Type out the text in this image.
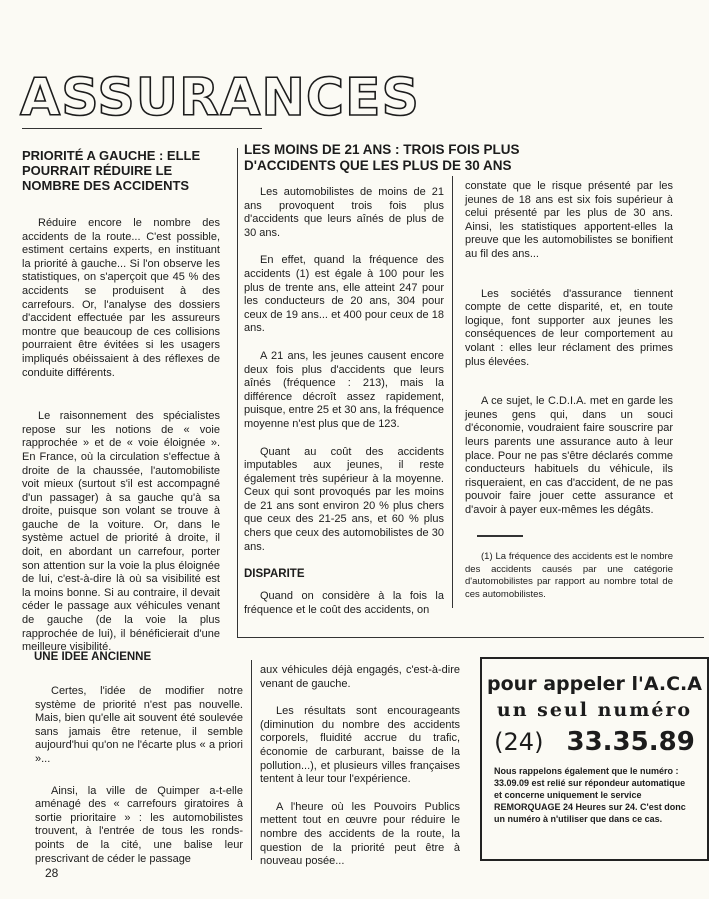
ASSURANCES
PRIORITÉ A GAUCHE : ELLE POURRAIT RÉDUIRE LE NOMBRE DES ACCIDENTS

Réduire encore le nombre des accidents de la route... C'est possible, estiment certains experts, en instituant la priorité à gauche... Si l'on observe les statistiques, on s'aperçoit que 45 % des accidents se produisent à des carrefours. Or, l'analyse des dossiers d'accident effectuée par les assureurs montre que beaucoup de ces collisions pourraient être évitées si les usagers impliqués obéissaient à des réflexes de conduite différents.

Le raisonnement des spécialistes repose sur les notions de « voie rapprochée » et de « voie éloignée ». En France, où la circulation s'effectue à droite de la chaussée, l'automobiliste voit mieux (surtout s'il est accompagné d'un passager) à sa gauche qu'à sa droite, puisque son volant se trouve à gauche de la voiture. Or, dans le système actuel de priorité à droite, il doit, en abordant un carrefour, porter son attention sur la voie la plus éloignée de lui, c'est-à-dire là où sa visibilité est la moins bonne. Si au contraire, il devait céder le passage aux véhicules venant de gauche (de la voie la plus rapprochée de lui), il bénéficierait d'une meilleure visibilité.

LES MOINS DE 21 ANS : TROIS FOIS PLUS D'ACCIDENTS QUE LES PLUS DE 30 ANS

Les automobilistes de moins de 21 ans provoquent trois fois plus d'accidents que leurs aînés de plus de 30 ans.

En effet, quand la fréquence des accidents (1) est égale à 100 pour les plus de trente ans, elle atteint 247 pour les conducteurs de 20 ans, 304 pour ceux de 19 ans... et 400 pour ceux de 18 ans.

A 21 ans, les jeunes causent encore deux fois plus d'accidents que leurs aînés (fréquence : 213), mais la différence décroît assez rapidement, puisque, entre 25 et 30 ans, la fréquence moyenne n'est plus que de 123.

Quant au coût des accidents imputables aux jeunes, il reste également très supérieur à la moyenne. Ceux qui sont provoqués par les moins de 21 ans sont environ 20 % plus chers que ceux des 21-25 ans, et 60 % plus chers que ceux des automobilistes de 30 ans.

DISPARITE

Quand on considère à la fois la fréquence et le coût des accidents, on

constate que le risque présenté par les jeunes de 18 ans est six fois supérieur à celui présenté par les plus de 30 ans. Ainsi, les statistiques apportent-elles la preuve que les automobilistes se bonifient au fil des ans...

Les sociétés d'assurance tiennent compte de cette disparité, et, en toute logique, font supporter aux jeunes les conséquences de leur comportement au volant : elles leur réclament des primes plus élevées.

A ce sujet, le C.D.I.A. met en garde les jeunes gens qui, dans un souci d'économie, voudraient faire souscrire par leurs parents une assurance auto à leur place. Pour ne pas s'être déclarés comme conducteurs habituels du véhicule, ils risqueraient, en cas d'accident, de ne pas pouvoir faire jouer cette assurance et d'avoir à payer eux-mêmes les dégâts.

(1) La fréquence des accidents est le nombre des accidents causés par une catégorie d'automobilistes par rapport au nombre total de ces automobilistes.

UNE IDEE ANCIENNE

Certes, l'idée de modifier notre système de priorité n'est pas nouvelle. Mais, bien qu'elle ait souvent été soulevée sans jamais être retenue, il semble aujourd'hui qu'on ne l'écarte plus « a priori »...

Ainsi, la ville de Quimper a-t-elle aménagé des « carrefours giratoires à sortie prioritaire » : les automobilistes trouvent, à l'entrée de tous les ronds-points de la cité, une balise leur prescrivant de céder le passage

aux véhicules déjà engagés, c'est-à-dire venant de gauche.

Les résultats sont encourageants (diminution du nombre des accidents corporels, fluidité accrue du trafic, économie de carburant, baisse de la pollution...), et plusieurs villes françaises tentent à leur tour l'expérience.

A l'heure où les Pouvoirs Publics mettent tout en œuvre pour réduire le nombre des accidents de la route, la question de la priorité peut être à nouveau posée...

pour appeler l'A.C.A
un seul numéro
(24) 33.35.89
Nous rappelons également que le numéro : 33.09.09 est relié sur répondeur automatique et concerne uniquement le service REMORQUAGE 24 Heures sur 24. C'est donc un numéro à n'utiliser que dans ce cas.
28
